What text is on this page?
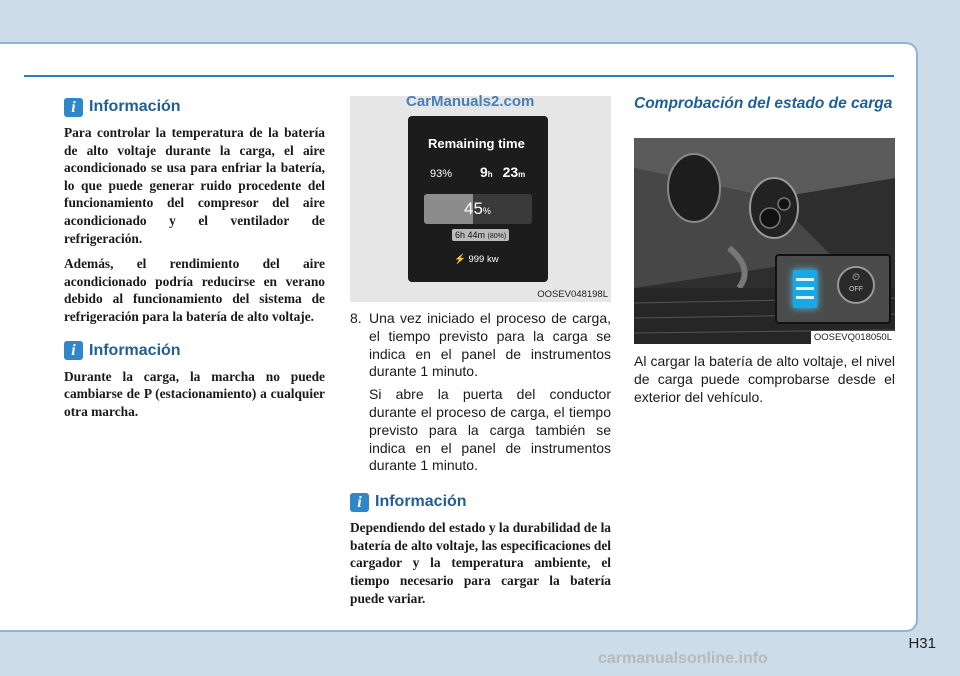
i Información

Para controlar la temperatura de la batería de alto voltaje durante la carga, el aire acondicionado se usa para enfriar la batería, lo que puede generar ruido procedente del funcionamiento del compresor del aire acondicionado y el ventilador de refrigeración.

Además, el rendimiento del aire acondicionado podría reducirse en verano debido al funcionamiento del sistema de refrigeración para la batería de alto voltaje.

i Información

Durante la carga, la marcha no puede cambiarse de P (estacionamiento) a cualquier otra marcha.

CarManuals2.com
Remaining time
93% 9h 23m
45%
6h 44m (80%)
⚡ 999 kw
OOSEV048198L
8. Una vez iniciado el proceso de carga, el tiempo previsto para la carga se indica en el panel de instrumentos durante 1 minuto.

Si abre la puerta del conductor durante el proceso de carga, el tiempo previsto para la carga también se indica en el panel de instrumentos durante 1 minuto.

i Información

Dependiendo del estado y la durabilidad de la batería de alto voltaje, las especificaciones del cargador y la temperatura ambiente, el tiempo necesario para cargar la batería puede variar.

Comprobación del estado de carga

⏲
OFF
OOSEVQ018050L

Al cargar la batería de alto voltaje, el nivel de carga puede comprobarse desde el exterior del vehículo.

H31
carmanualsonline.info
